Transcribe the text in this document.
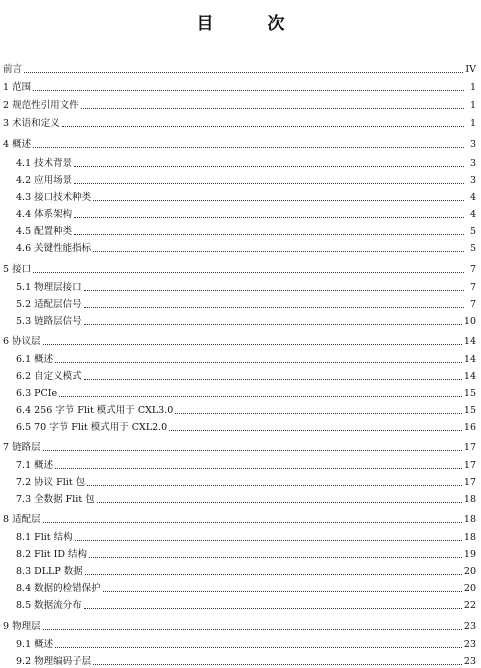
目 次
前言	IV
1 范围	1
2 规范性引用文件	1
3 术语和定义	1
4 概述	3
4.1 技术背景	3
4.2 应用场景	3
4.3 接口技术种类	4
4.4 体系架构	4
4.5 配置种类	5
4.6 关键性能指标	5
5 接口	7
5.1 物理层接口	7
5.2 适配层信号	7
5.3 链路层信号	10
6 协议层	14
6.1 概述	14
6.2 自定义模式	14
6.3 PCIe	15
6.4 256 字节 Flit 模式用于 CXL3.0	15
6.5 70 字节 Flit 模式用于 CXL2.0	16
7 链路层	17
7.1 概述	17
7.2 协议 Flit 包	17
7.3 全数据 Flit 包	18
8 适配层	18
8.1 Flit 结构	18
8.2 Flit ID 结构	19
8.3 DLLP 数据	20
8.4 数据的检错保护	20
8.5 数据流分布	22
9 物理层	23
9.1 概述	23
9.2 物理编码子层	23
